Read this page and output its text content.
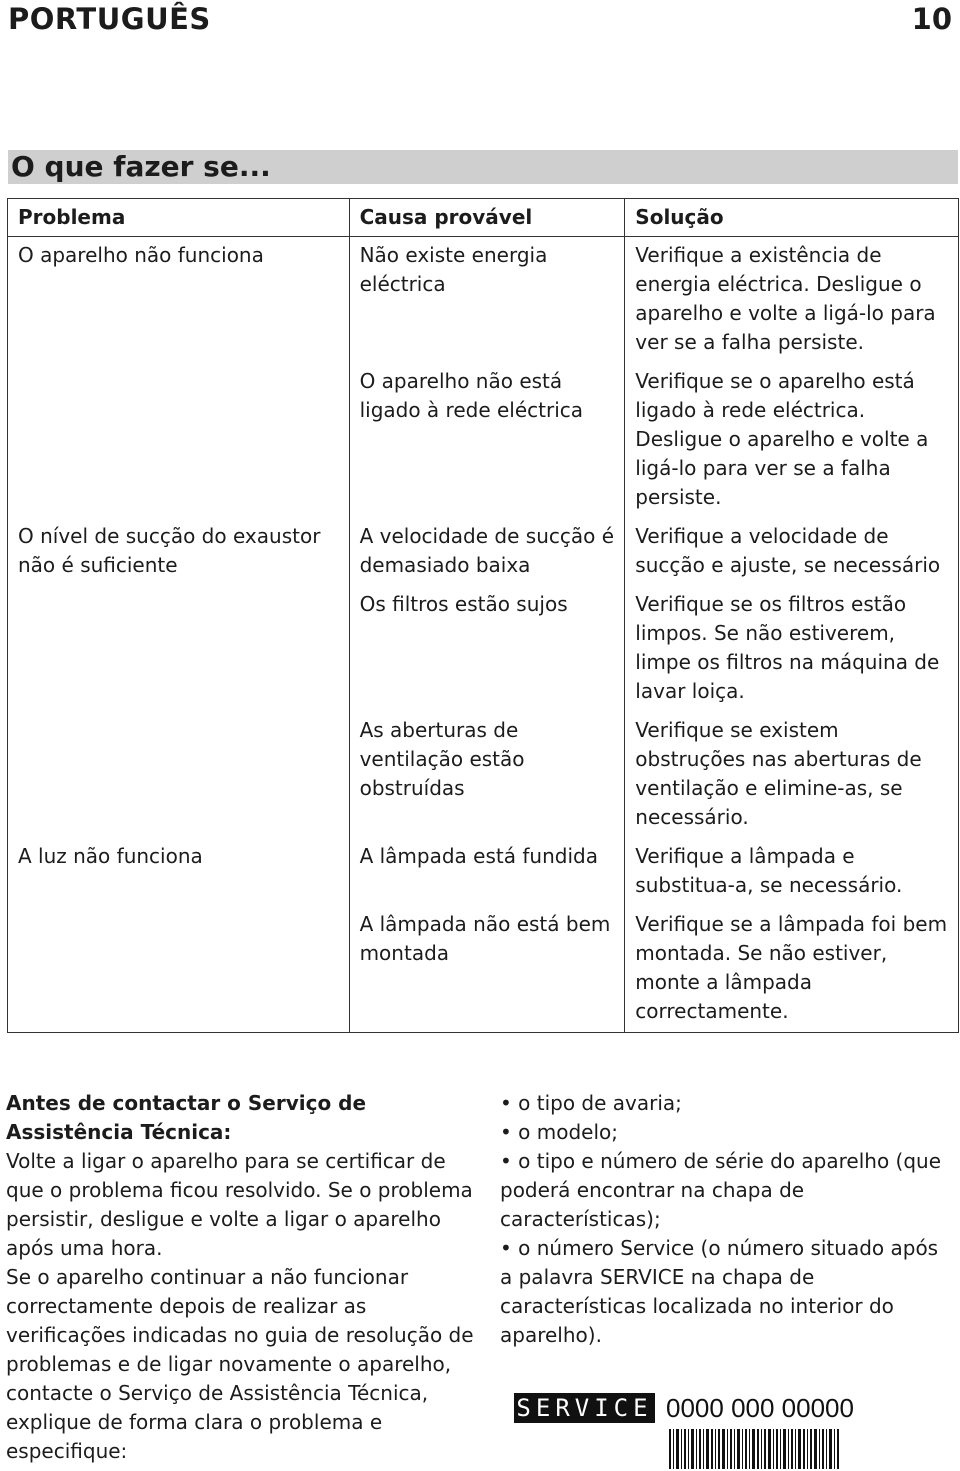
PORTUGUÊS	10
O que fazer se...
Problema	Causa provável	Solução
O aparelho não funciona	Não existe energia eléctrica	Verifique a existência de energia eléctrica. Desligue o aparelho e volte a ligá-lo para ver se a falha persiste.
	O aparelho não está ligado à rede eléctrica	Verifique se o aparelho está ligado à rede eléctrica. Desligue o aparelho e volte a ligá-lo para ver se a falha persiste.
O nível de sucção do exaustor não é suficiente	A velocidade de sucção é demasiado baixa	Verifique a velocidade de sucção e ajuste, se necessário
	Os filtros estão sujos	Verifique se os filtros estão limpos. Se não estiverem, limpe os filtros na máquina de lavar loiça.
	As aberturas de ventilação estão obstruídas	Verifique se existem obstruções nas aberturas de ventilação e elimine-as, se necessário.
A luz não funciona	A lâmpada está fundida	Verifique a lâmpada e substitua-a, se necessário.
	A lâmpada não está bem montada	Verifique se a lâmpada foi bem montada. Se não estiver, monte a lâmpada correctamente.
Antes de contactar o Serviço de Assistência Técnica:
Volte a ligar o aparelho para se certificar de que o problema ficou resolvido. Se o problema persistir, desligue e volte a ligar o aparelho após uma hora.
Se o aparelho continuar a não funcionar correctamente depois de realizar as verificações indicadas no guia de resolução de problemas e de ligar novamente o aparelho, contacte o Serviço de Assistência Técnica, explique de forma clara o problema e especifique:
• o tipo de avaria;
• o modelo;
• o tipo e número de série do aparelho (que poderá encontrar na chapa de características);
• o número Service (o número situado após a palavra SERVICE na chapa de características localizada no interior do aparelho).
SERVICE 0000 000 00000
